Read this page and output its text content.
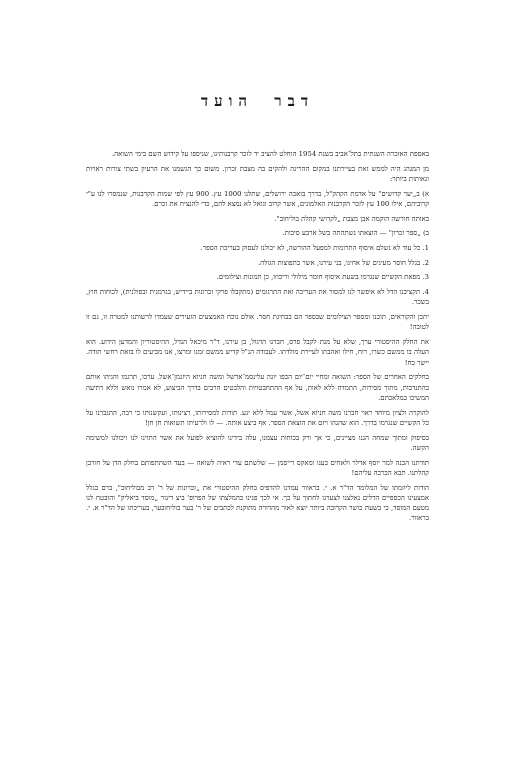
דבר הועד

באספת האזכרה השנתית בתל־אביב בשנת 1954 הוחלט להציב יד לזכר קרבנותינו, שניספו על קידוש השם בימי השואה.

מן המנהג היה לממש זאת בעיירתנו במקום ההריגה ולהקים בה מצבת זכרון. משום כך הגשמנו את הרעיון בשתי צורות ראויות ונאותות ביותר:

א) ב„יער קדושים" על אדמת הקהק"ל, בדרך בואכה ירושלים, שתלנו 1000 עץ. 900 עץ לפי שמות הקרבנות, שנמסרו לנו ע"י קרוביהם, אילו 100 עץ לזכר הקרבנות האלמונים, אשר קרוב וגואל לא נמצא להם, כדי להנציח את זכרם.

באותה חורשה הוקמה אבן מצבת „לקדושי קהלת בוליחוב".

ב) „ספר זכרון" — הוצאתו נשתהתה בשל ארבע סיבות.

1. כל עוד לא נשלם איסוף התרומות למפעל ההורשה, לא יכולנו לעסוק בעריכת הספר.

2. בגלל חוסר מעינים של אחינו, בני עירנו, אשר בתפוצות הגולה.

3. מפאת הקשיים שנגרמו בשעת איסוף חומר מילולי וריכוזו, כן תמונות וצילומים.

4. תקציבנו הדל לא איפשר לנו למסור את העריכה ואת התרגומים (מתקבלו פרקי זכרונות ביידיש, בגרמנית ובפולנית), לכוחות חוץ, בשכר.

יתכן והקוראים, תוכנו ומספר הצילומים שבספר הם בבחינת חסר. אולם נוכח האמצעים הזעירים שעמדו לרשותנו למטרה זו, גם זו לטובה!

את החלק ההיסטורי ערך, שלא על מנת לקבל פרס, חברנו הדגול, בן עירנו, ד"ר מיכאל הנדל, ההיסטוריון והמדען הידוע. הוא העלה בו ממשם כשרו, רוח, חילו ואהבתו לעיירת מולדתו. לעבודה הנ"ל קדיש ממשם זמנו ומרצו, אנו מביעים לו בזאת רחשי תודה. יישר כח!

בחלקים האחרים של הספר: השואה ומחיי יום־יום הכפו יונה עלינסמ־ארשל ומשה חניוא היזנמן־אשל. ערכו, תרגמו והגיהו אותם בהתנדבות, מתוך מסירות, התמדה ללא לאות, על אף ההתחבטויות והלבטים הרבים בדרך הביצוע, לא אמרו נואש וללא רתיעה המשיכו במלאכתם.

להוקרה ולציון מיוחד ראוי חברנו משה חניוא אשל, אשר עמל ללא יגע. תודות למסירותו, רצינותו, ועקשנותו כי רבה, התגברנו על כל הקשיים שנגרמו בדרך. הוא שהנהו ויזם את הוצאת הספר. אף ביצע אותה. — לו ולרעיתו תשואות חן חן!

בסיפוק ומתוך שמחה הננו מציינים, כי אך ורק בכוחות עצמנו, עלה בידינו להוציא לפועל את אשר התוינו לנו ויכולנו למשימה הקשה.

תודתנו הכנה למר יוסף אדלר ולאחים כענו ומאקס רייסמן — שלשתם עדי ראיה לשואה — בעד השתתפותם בחלק הדן על חורבן קהלתנו. תבא הברכה עליהם!

הודות ליוזמתו של המלומד הד"ר א. י. בראוור עמדנו להדפיס בחלק ההיסטורי את „זכרונות של ר' דב מבוליחוב", ברם בגלל אמצעינו הכספיים הדלים נאלצנו לצערנו לחתוך על כך. אי לכך פנינו בהמלצתו של הפרופ' ביצ דינור „מוסד ביאליק" והובטח לנו מטעם המוסד, כי בשעת כושר הקרובה ביותר יוצא לאור מהדורה מתוקנת לכתבים של ר' בער בוליחובער, בעריכתו של הד"ר א. י. בראוור.
